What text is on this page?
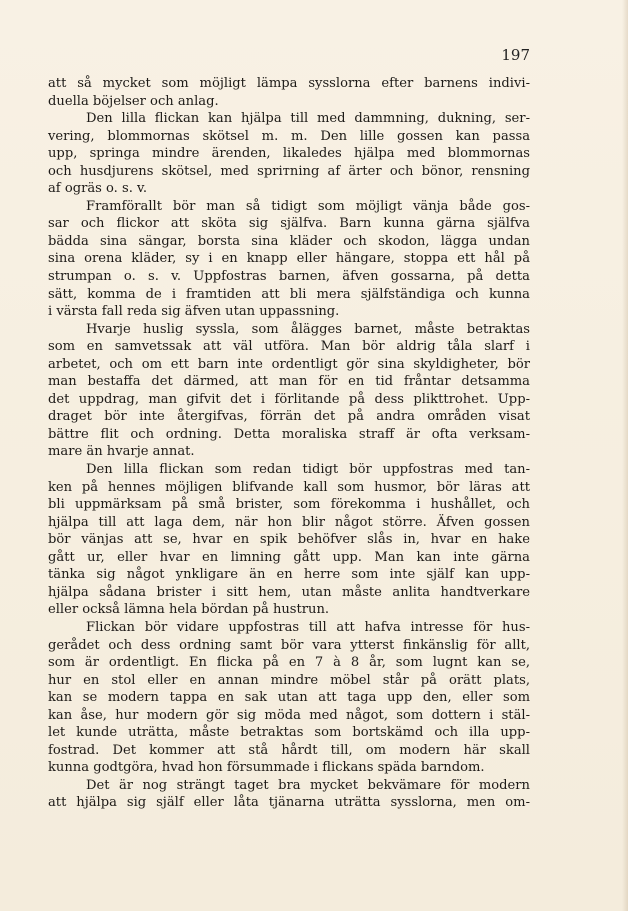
197
att så mycket som möjligt lämpa sysslorna efter barnens indivi-
duella böjelser och anlag.
Den lilla flickan kan hjälpa till med dammning, dukning, ser-
vering, blommornas skötsel m. m. Den lille gossen kan passa
upp, springa mindre ärenden, likaledes hjälpa med blommornas
och husdjurens skötsel, med sprітning af ärter och bönor, rensning
af ogräs o. s. v.
Framförallt bör man så tidigt som möjligt vänja både gos-
sar och flickor att sköta sig själfva. Barn kunna gärna själfva
bädda sina sängar, borsta sina kläder och skodon, lägga undan
sina orena kläder, sy i en knapp eller hängare, stoppa ett hål på
strumpan o. s. v. Uppfostras barnen, äfven gossarna, på detta
sätt, komma de i framtiden att bli mera själfständiga och kunna
i värsta fall reda sig äfven utan uppassning.
Hvarje huslig syssla, som ålägges barnet, måste betraktas
som en samvetssak att väl utföra. Man bör aldrig tåla slarf i
arbetet, och om ett barn inte ordentligt gör sina skyldigheter, bör
man bestaffa det därmed, att man för en tid fråntar detsamma
det uppdrag, man gifvit det i förlitande på dess plikttrohet. Upp-
draget bör inte återgifvas, förrän det på andra områden visat
bättre flit och ordning. Detta moraliska straff är ofta verksam-
mare än hvarje annat.
Den lilla flickan som redan tidigt bör uppfostras med tan-
ken på hennes möjligen blifvande kall som husmor, bör läras att
bli uppmärksam på små brister, som förekomma i hushållet, och
hjälpa till att laga dem, när hon blir något större. Äfven gossen
bör vänjas att se, hvar en spik behöfver slås in, hvar en hake
gått ur, eller hvar en limning gått upp. Man kan inte gärna
tänka sig något ynkligare än en herre som inte själf kan upp-
hjälpa sådana brister i sitt hem, utan måste anlita handtverkare
eller också lämna hela bördan på hustrun.
Flickan bör vidare uppfostras till att hafva intresse för hus-
gerådet och dess ordning samt bör vara ytterst finkänslig för allt,
som är ordentligt. En flicka på en 7 à 8 år, som lugnt kan se,
hur en stol eller en annan mindre möbel står på orätt plats,
kan se modern tappa en sak utan att taga upp den, eller som
kan åse, hur modern gör sig möda med något, som dottern i stäl-
let kunde uträtta, måste betraktas som bortskämd och illa upp-
fostrad. Det kommer att stå hårdt till, om modern här skall
kunna godtgöra, hvad hon försummade i flickans späda barndom.
Det är nog strängt taget bra mycket bekvämare för modern
att hjälpa sig själf eller låta tjänarna uträtta sysslorna, men om-
